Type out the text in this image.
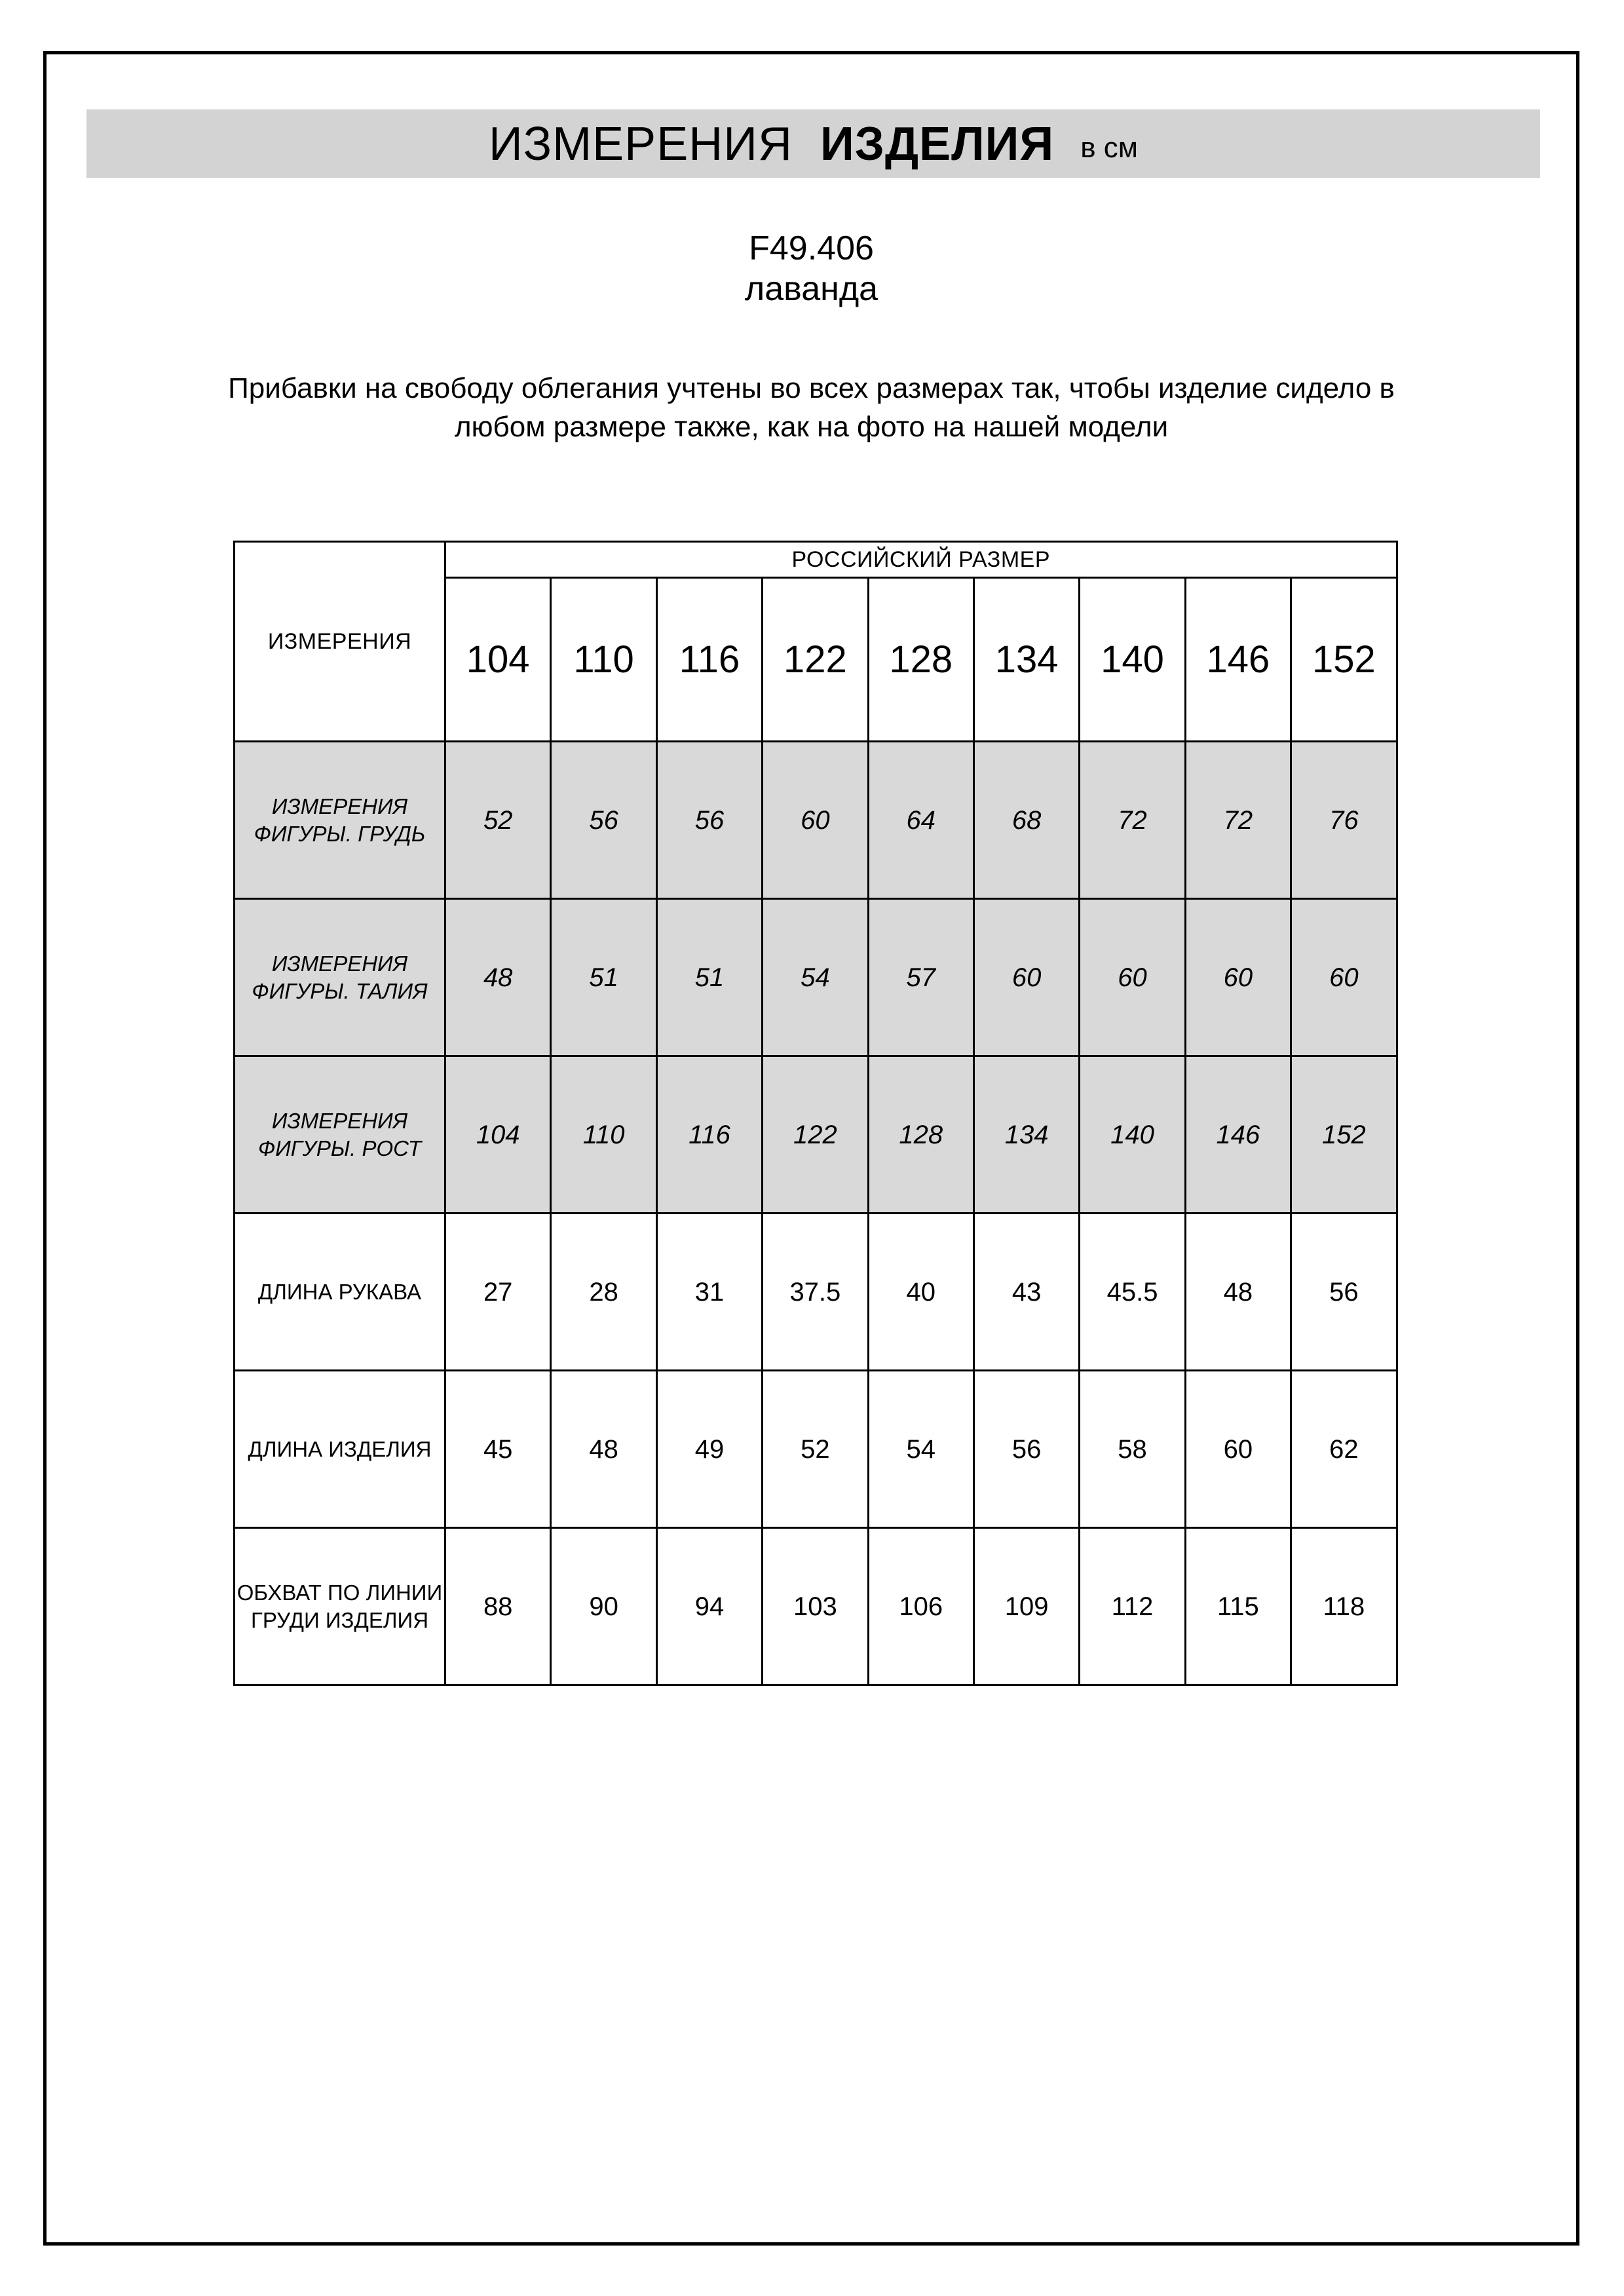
ИЗМЕРЕНИЯ
ИЗДЕЛИЯ в см
F49.406
лаванда
Прибавки на свободу облегания учтены во всех размерах так, чтобы изделие сидело в любом размере также, как на фото на нашей модели
ИЗМЕРЕНИЯ	РОССИЙСКИЙ РАЗМЕР								
	104	110	116	122	128	134	140	146	152
ИЗМЕРЕНИЯ ФИГУРЫ. ГРУДЬ	52	56	56	60	64	68	72	72	76
ИЗМЕРЕНИЯ ФИГУРЫ. ТАЛИЯ	48	51	51	54	57	60	60	60	60
ИЗМЕРЕНИЯ ФИГУРЫ. РОСТ	104	110	116	122	128	134	140	146	152
ДЛИНА РУКАВА	27	28	31	37.5	40	43	45.5	48	56
ДЛИНА ИЗДЕЛИЯ	45	48	49	52	54	56	58	60	62
ОБХВАТ ПО ЛИНИИ ГРУДИ ИЗДЕЛИЯ	88	90	94	103	106	109	112	115	118
